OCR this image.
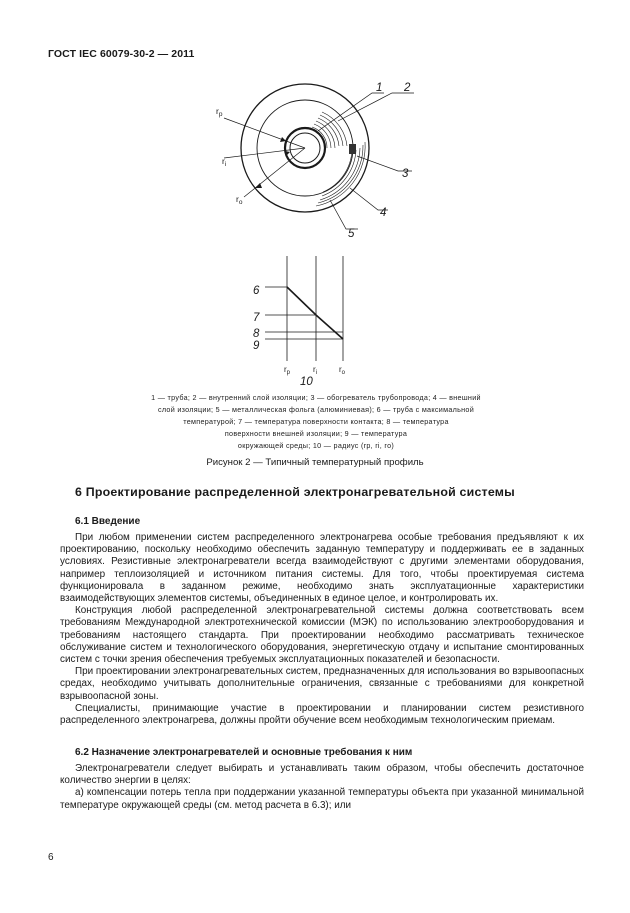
ГОСТ IEC 60079-30-2 — 2011
$r_p$
$r_i$
$r_o$
1 2
3
4
5
6
7
8
9
10
$r_p$	$r_i$	$r_o$
1 — труба; 2 — внутренний слой изоляции; 3 — обогреватель трубопровода; 4 — внешний
слой изоляции; 5 — металлическая фольга (алюминиевая); 6 — труба с максимальной
температурой; 7 — температура поверхности контакта; 8 — температура
поверхности внешней изоляции; 9 — температура
окружающей среды; 10 — радиус (rp, ri, ro)
Рисунок 2 — Типичный температурный профиль
6 Проектирование распределенной электронагревательной системы
6.1 Введение

При любом применении систем распределенного электронагрева особые требования предъявляют к их проектированию, поскольку необходимо обеспечить заданную температуру и поддерживать ее в заданных условиях. Резистивные электронагреватели всегда взаимодействуют с другими элементами оборудования, например теплоизоляцией и источником питания системы. Для того, чтобы проектируемая система функционировала в заданном режиме, необходимо знать эксплуатационные характеристики взаимодействующих элементов системы, объединенных в единое целое, и контролировать их.

Конструкция любой распределенной электронагревательной системы должна соответствовать всем требованиям Международной электротехнической комиссии (МЭК) по использованию электрооборудования и требованиям настоящего стандарта. При проектировании необходимо рассматривать техническое обслуживание систем и технологического оборудования, энергетическую отдачу и испытание смонтированных систем с точки зрения обеспечения требуемых эксплуатационных показателей и безопасности.

При проектировании электронагревательных систем, предназначенных для использования во взрывоопасных средах, необходимо учитывать дополнительные ограничения, связанные с требованиями для конкретной взрывоопасной зоны.

Специалисты, принимающие участие в проектировании и планировании систем резистивного распределенного электронагрева, должны пройти обучение всем необходимым технологическим приемам.

6.2 Назначение электронагревателей и основные требования к ним

Электронагреватели следует выбирать и устанавливать таким образом, чтобы обеспечить достаточное количество энергии в целях:

а) компенсации потерь тепла при поддержании указанной температуры объекта при указанной минимальной температуре окружающей среды (см. метод расчета в 6.3); или

6
